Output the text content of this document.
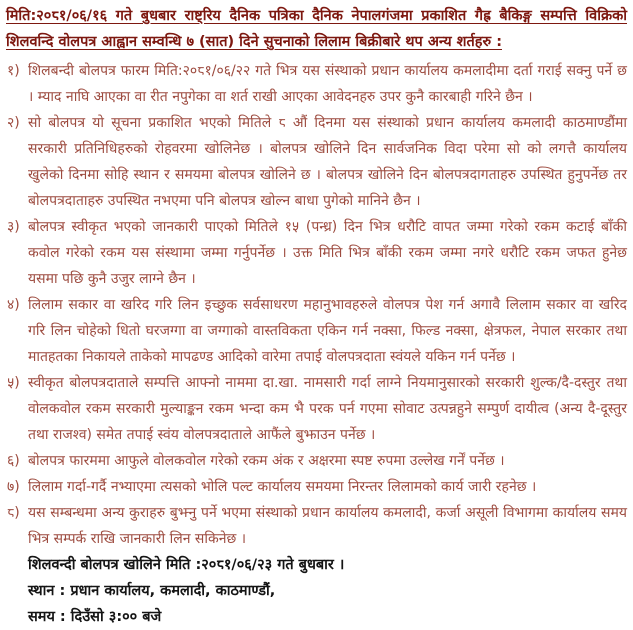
मिति:२०८१/०६/१६ गते बुधबार राष्ट्रिय दैनिक पत्रिका दैनिक नेपालगंजमा प्रकाशित गैह्र बैकिङ्ग सम्पत्ति विक्रिको शिलवन्दि वोलपत्र आह्वान सम्वन्धि ७ (सात) दिने सुचनाको लिलाम बिक्रीबारे थप अन्य शर्तहरु :
१) शिलबन्दी बोलपत्र फारम मिति:२०८१/०६/२२ गते भित्र यस संस्थाको प्रधान कार्यालय कमलादीमा दर्ता गराई सक्नु पर्ने छ । म्याद नाघि आएका वा रीत नपुगेका वा शर्त राखी आएका आवेदनहरु उपर कुनै कारबाही गरिने छैन ।
२) सो बोलपत्र यो सूचना प्रकाशित भएको मितिले ८ औं दिनमा यस संस्थाको प्रधान कार्यालय कमलादी काठमाण्डौंमा सरकारी प्रतिनिधिहरुको रोहवरमा खोलिनेछ । बोलपत्र खोलिने दिन सार्वजनिक विदा परेमा सो को लगत्तै कार्यालय खुलेको दिनमा सोहि स्थान र समयमा बोलपत्र खोलिने छ । बोलपत्र खोलिने दिन बोलपत्रदागताहरु उपस्थित हुनुपर्नेछ तर बोलपत्रदाताहरु उपस्थित नभएमा पनि बोलपत्र खोल्न बाधा पुगेको मानिने छैन ।
३) बोलपत्र स्वीकृत भएको जानकारी पाएको मितिले १५ (पन्ध्र) दिन भित्र धरौटि वापत जम्मा गरेको रकम कटाई बाँकी कवोल गरेको रकम यस संस्थामा जम्मा गर्नुपर्नेछ । उक्त मिति भित्र बाँकी रकम जम्मा नगरे धरौटि रकम जफत हुनेछ यसमा पछि कुनै उजुर लाग्ने छैन ।
४) लिलाम सकार वा खरिद गरि लिन इच्छुक सर्वसाधरण महानुभावहरुले वोलपत्र पेश गर्न अगावै लिलाम सकार वा खरिद गरि लिन चोहेको धितो घरजग्गा वा जग्गाको वास्तविकता एकिन गर्न नक्सा, फिल्ड नक्सा, क्षेत्रफल, नेपाल सरकार तथा मातहतका निकायले ताकेको मापढण्ड आदिको वारेमा तपाई वोलपत्रदाता स्वंयले यकिन गर्न पर्नेछ ।
५) स्वीकृत बोलपत्रदाताले सम्पत्ति आफ्नो नाममा दा.खा. नामसारी गर्दा लाग्ने नियमानुसारको सरकारी शुल्क/दै-दस्तुर तथा वोलकवोल रकम सरकारी मुल्याङ्कन रकम भन्दा कम भै परक पर्न गएमा सोवाट उत्पन्नहुने सम्पुर्ण दायीत्व (अन्य दै-दूस्तुर तथा राजश्व) समेत तपाई स्वंय वोलपत्रदाताले आफैंले बुझाउन पर्नेछ ।
६) बोलपत्र फारममा आफुले वोलकवोल गरेको रकम अंक र अक्षरमा स्पष्ट रुपमा उल्लेख गर्नें पर्नेछ ।
७) लिलाम गर्दा-गर्दै नभ्याएमा त्यसको भोलि पल्ट कार्यालय समयमा निरन्तर लिलामको कार्य जारी रहनेछ ।
८) यस सम्बन्धमा अन्य कुराहरु बुझ्नु पर्ने भएमा संस्थाको प्रधान कार्यालय कमलादी, कर्जा असूली विभागमा कार्यालय समय भित्र सम्पर्क राखि जानकारी लिन सकिनेछ ।
शिलवन्दी बोलपत्र खोलिने मिति :२०८१/०६/२३ गते बुधबार ।
स्थान : प्रधान कार्यालय, कमलादी, काठमाण्डौं,
समय : दिउँसो ३:०० बजे
